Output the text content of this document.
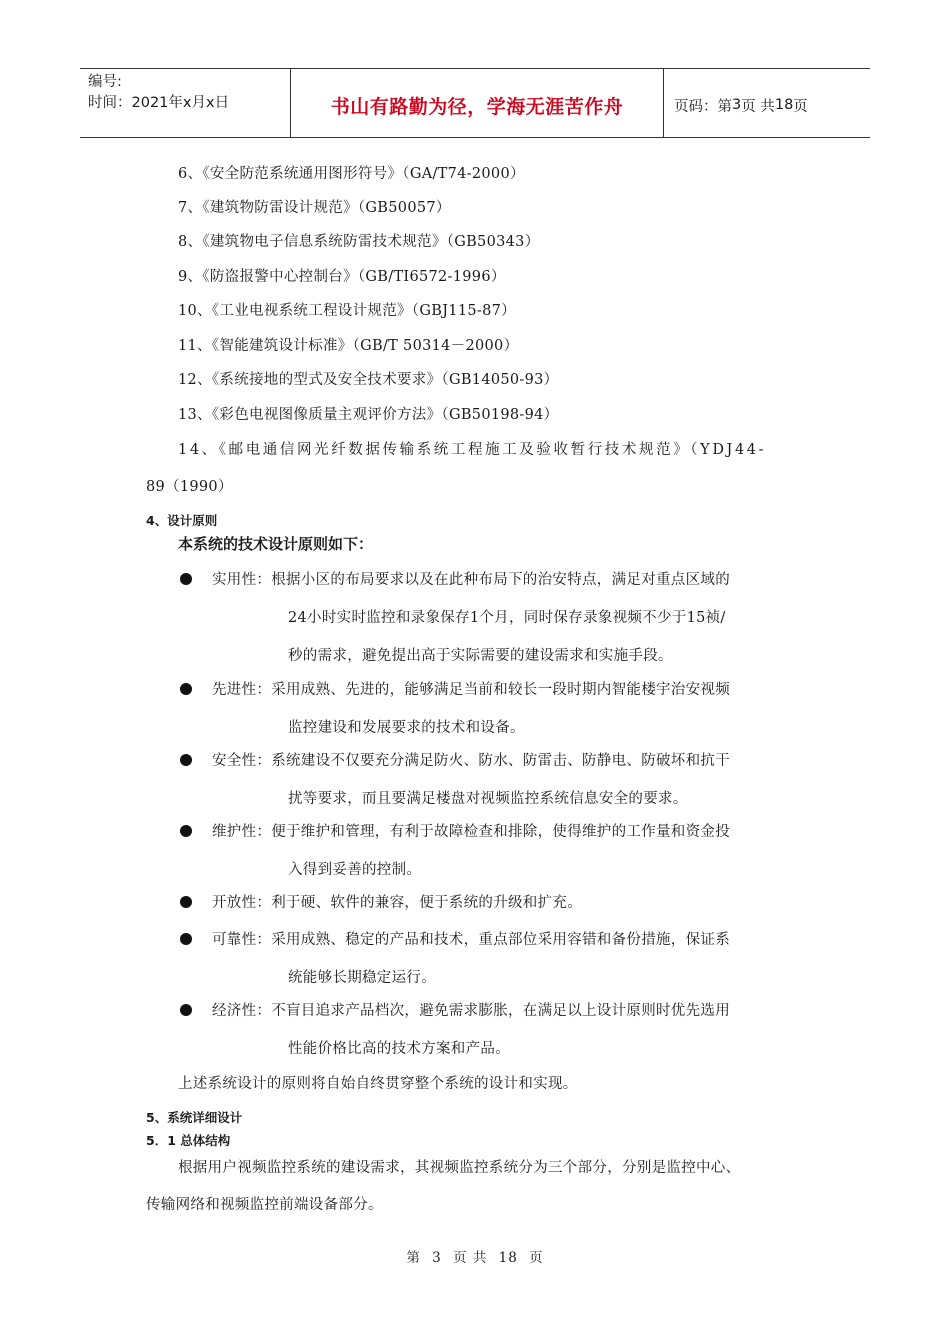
编号:
时间：2021年x月x日	书山有路勤为径，学海无涯苦作舟	页码：第 3 页 共 18 页
6、《安全防范系统通用图形符号》（GA/T74-2000）
7、《建筑物防雷设计规范》（GB50057）
8、《建筑物电子信息系统防雷技术规范》（GB50343）
9、《防盗报警中心控制台》（GB/TI6572-1996）
10、《工业电视系统工程设计规范》（GBJ115-87）
11、《智能建筑设计标准》（GB/T 50314－2000）
12、《系统接地的型式及安全技术要求》（GB14050-93）
13、《彩色电视图像质量主观评价方法》（GB50198-94）
14、《邮电通信网光纤数据传输系统工程施工及验收暂行技术规范》（YDJ44-
89（1990）
4、设计原则
本系统的技术设计原则如下：
实用性：根据小区的布局要求以及在此种布局下的治安特点，满足对重点区域的
24小时实时监控和录象保存1个月，同时保存录象视频不少于15祯/
秒的需求，避免提出高于实际需要的建设需求和实施手段。
先进性：采用成熟、先进的，能够满足当前和较长一段时期内智能楼宇治安视频
监控建设和发展要求的技术和设备。
安全性：系统建设不仅要充分满足防火、防水、防雷击、防静电、防破坏和抗干
扰等要求，而且要满足楼盘对视频监控系统信息安全的要求。
维护性：便于维护和管理，有利于故障检查和排除，使得维护的工作量和资金投
入得到妥善的控制。
开放性：利于硬、软件的兼容，便于系统的升级和扩充。
可靠性：采用成熟、稳定的产品和技术，重点部位采用容错和备份措施，保证系
统能够长期稳定运行。
经济性：不盲目追求产品档次，避免需求膨胀，在满足以上设计原则时优先选用
性能价格比高的技术方案和产品。
上述系统设计的原则将自始自终贯穿整个系统的设计和实现。
5、系统详细设计
5．1 总体结构
根据用户视频监控系统的建设需求，其视频监控系统分为三个部分，分别是监控中心、
传输网络和视频监控前端设备部分。
第 3 页 共 18 页
